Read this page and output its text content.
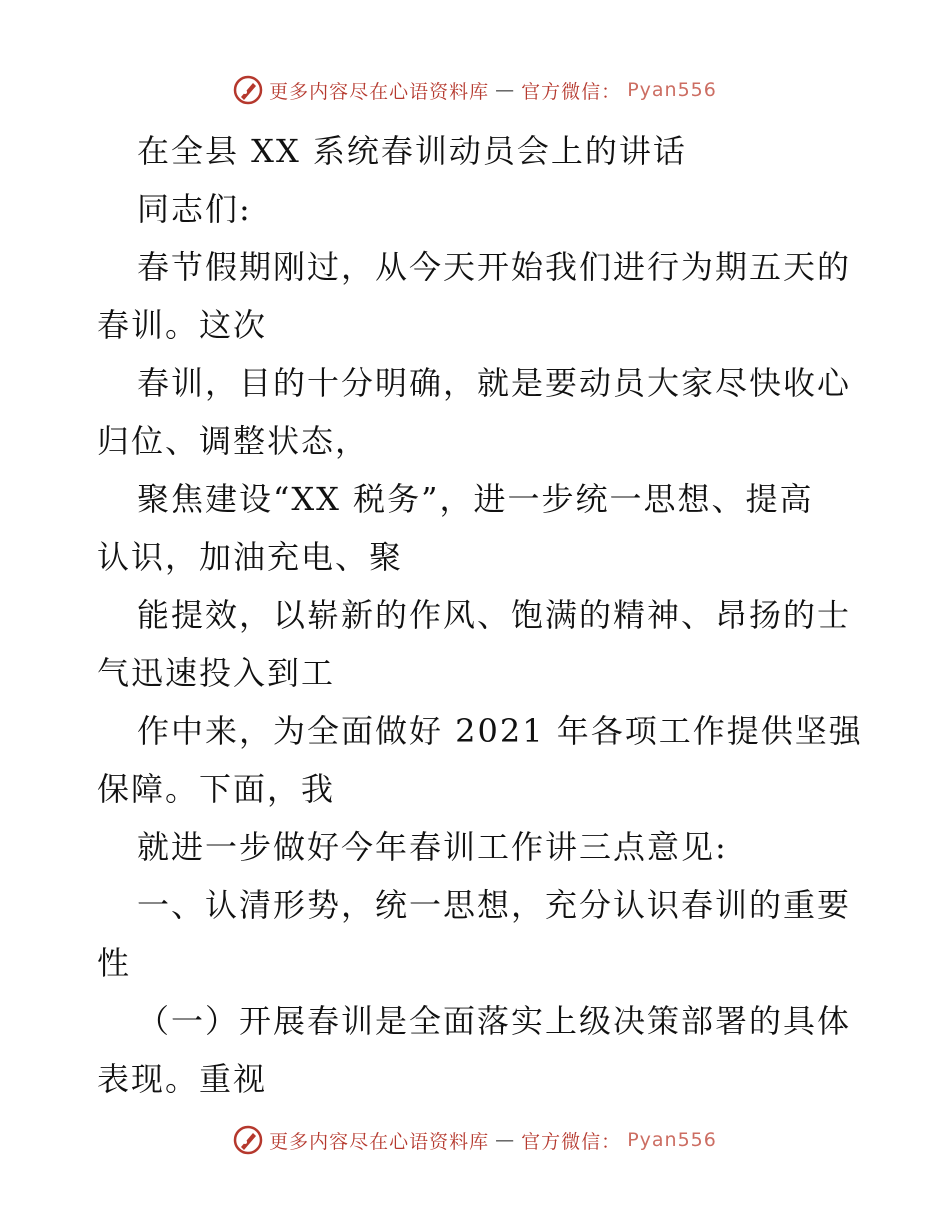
更多内容尽在心语资料库 — 官方微信： Pyan556
在全县 XX 系统春训动员会上的讲话
同志们:
春节假期刚过，从今天开始我们进行为期五天的
春训。这次
春训，目的十分明确，就是要动员大家尽快收心
归位、调整状态，
聚焦建设“XX 税务”，进一步统一思想、提高
认识，加油充电、聚
能提效，以崭新的作风、饱满的精神、昂扬的士
气迅速投入到工
作中来，为全面做好 2021 年各项工作提供坚强
保障。下面，我
就进一步做好今年春训工作讲三点意见:
一、认清形势，统一思想，充分认识春训的重要
性
（一）开展春训是全面落实上级决策部署的具体
表现。重视
更多内容尽在心语资料库 — 官方微信： Pyan556
